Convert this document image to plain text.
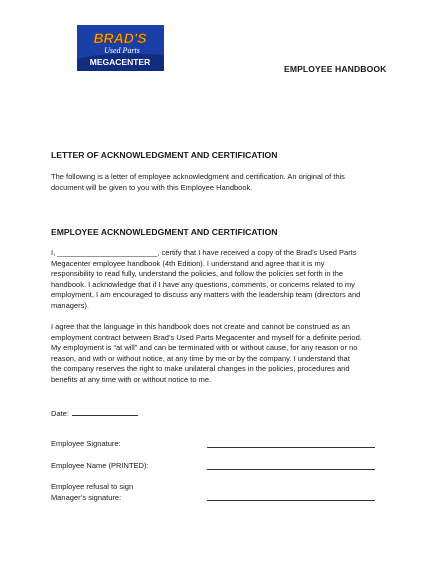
BRAD'S
Used Parts
MEGACENTER
EMPLOYEE HANDBOOK
LETTER OF ACKNOWLEDGMENT AND CERTIFICATION
The following is a letter of employee acknowledgment and certification. An original of this
document will be given to you with this Employee Handbook.
EMPLOYEE ACKNOWLEDGMENT AND CERTIFICATION
I, ________________________, certify that I have received a copy of the Brad’s Used Parts
Megacenter employee handbook (4th Edition). I understand and agree that it is my
responsibility to read fully, understand the policies, and follow the policies set forth in the
handbook. I acknowledge that if I have any questions, comments, or concerns related to my
employment, I am encouraged to discuss any matters with the leadership team (directors and
managers).
I agree that the language in this handbook does not create and cannot be construed as an
employment contract between Brad’s Used Parts Megacenter and myself for a definite period.
My employment is “at will” and can be terminated with or without cause, for any reason or no
reason, and with or without notice, at any time by me or by the company. I understand that
the company reserves the right to make unilateral changes in the policies, procedures and
benefits at any time with or without notice to me.
Date:
Employee Signature:
Employee Name (PRINTED):
Employee refusal to sign
Manager’s signature:
